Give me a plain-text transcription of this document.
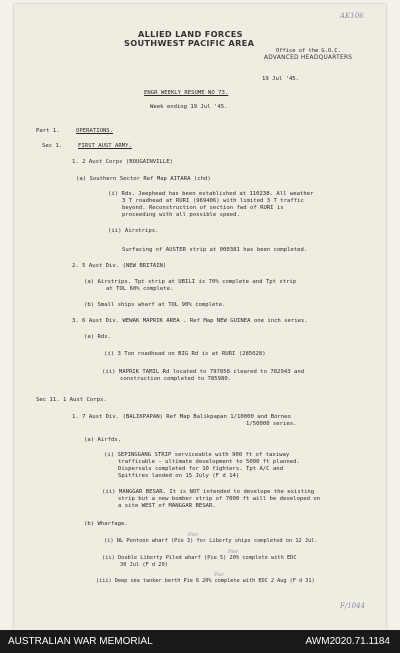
AK106
ALLIED LAND FORCES
SOUTHWEST PACIFIC AREA
Office of the G.O.C.
ADVANCED HEADQUARTERS
19 Jul '45.
ENGR WEEKLY RESUME NO 73.
Week ending 19 Jul '45.
Part 1.	OPERATIONS.
Sec 1.	FIRST AUST ARMY.
1. 2 Aust Corps (BOUGAINVILLE)
(a) Southern Sector Ref Map AITARA (chd)
(i) Rds. Jeephead has been established at 110238. All weather
3 T roadhead at RURI (969406) with limited 3 T traffic
beyond. Reconstruction of section fwd of RURI is
proceeding with all possible speed.
(ii) Airstrips.
Surfacing of AUSTER strip at 000381 has been completed.
2. 5 Aust Div. (NEW BRITAIN)
(a) Airstrips. Tpt strip at UBILI is 70% complete and Tpt strip
at TOL 60% complete.
(b) Small ships wharf at TOL 90% complete.
3. 6 Aust Div. WEWAK MAPRIK AREA . Ref Map NEW GUINEA one inch series.
(a) Rds.
(i) 3 Ton roadhead on BIG Rd is at RURI (285028)
(ii) MAPRIK TAMIL Rd located to 797858 cleared to 782943 and
construction completed to 785980.
Sec 11. 1 Aust Corps.
1. 7 Aust Div. (BALIKPAPAN) Ref Map Balikpapan 1/10000 and Borneo
1/50000 series.
(a) Airfds.
(i) SEPINGGANG STRIP serviceable with 900 ft of taxiway
trafficable - ultimate development to 5000 ft planned.
Dispersals completed for 10 fighters. Tpt A/C and
Spitfires landed on 15 July (F d 14)
(ii) MANGGAR BESAR. It is NOT intended to develope the existing
strip but a new bomber strip of 7000 ft will be developed on
a site WEST of MANGGAR BESAR.
(b) Wharfage.
Pier
(i) NL Pontoon wharf (Pie 3) for Liberty ships completed on 12 Jul.
Pier
(ii) Double Liberty Piled wharf (Pie 5) 20% complete with EDC
30 Jul (F d 29)
Pier
(iii) Deep sea tanker berth Pie 6 20% complete with EDC 2 Aug (F d 31)
F/1044
AUSTRALIAN WAR MEMORIAL	AWM2020.71.1184
